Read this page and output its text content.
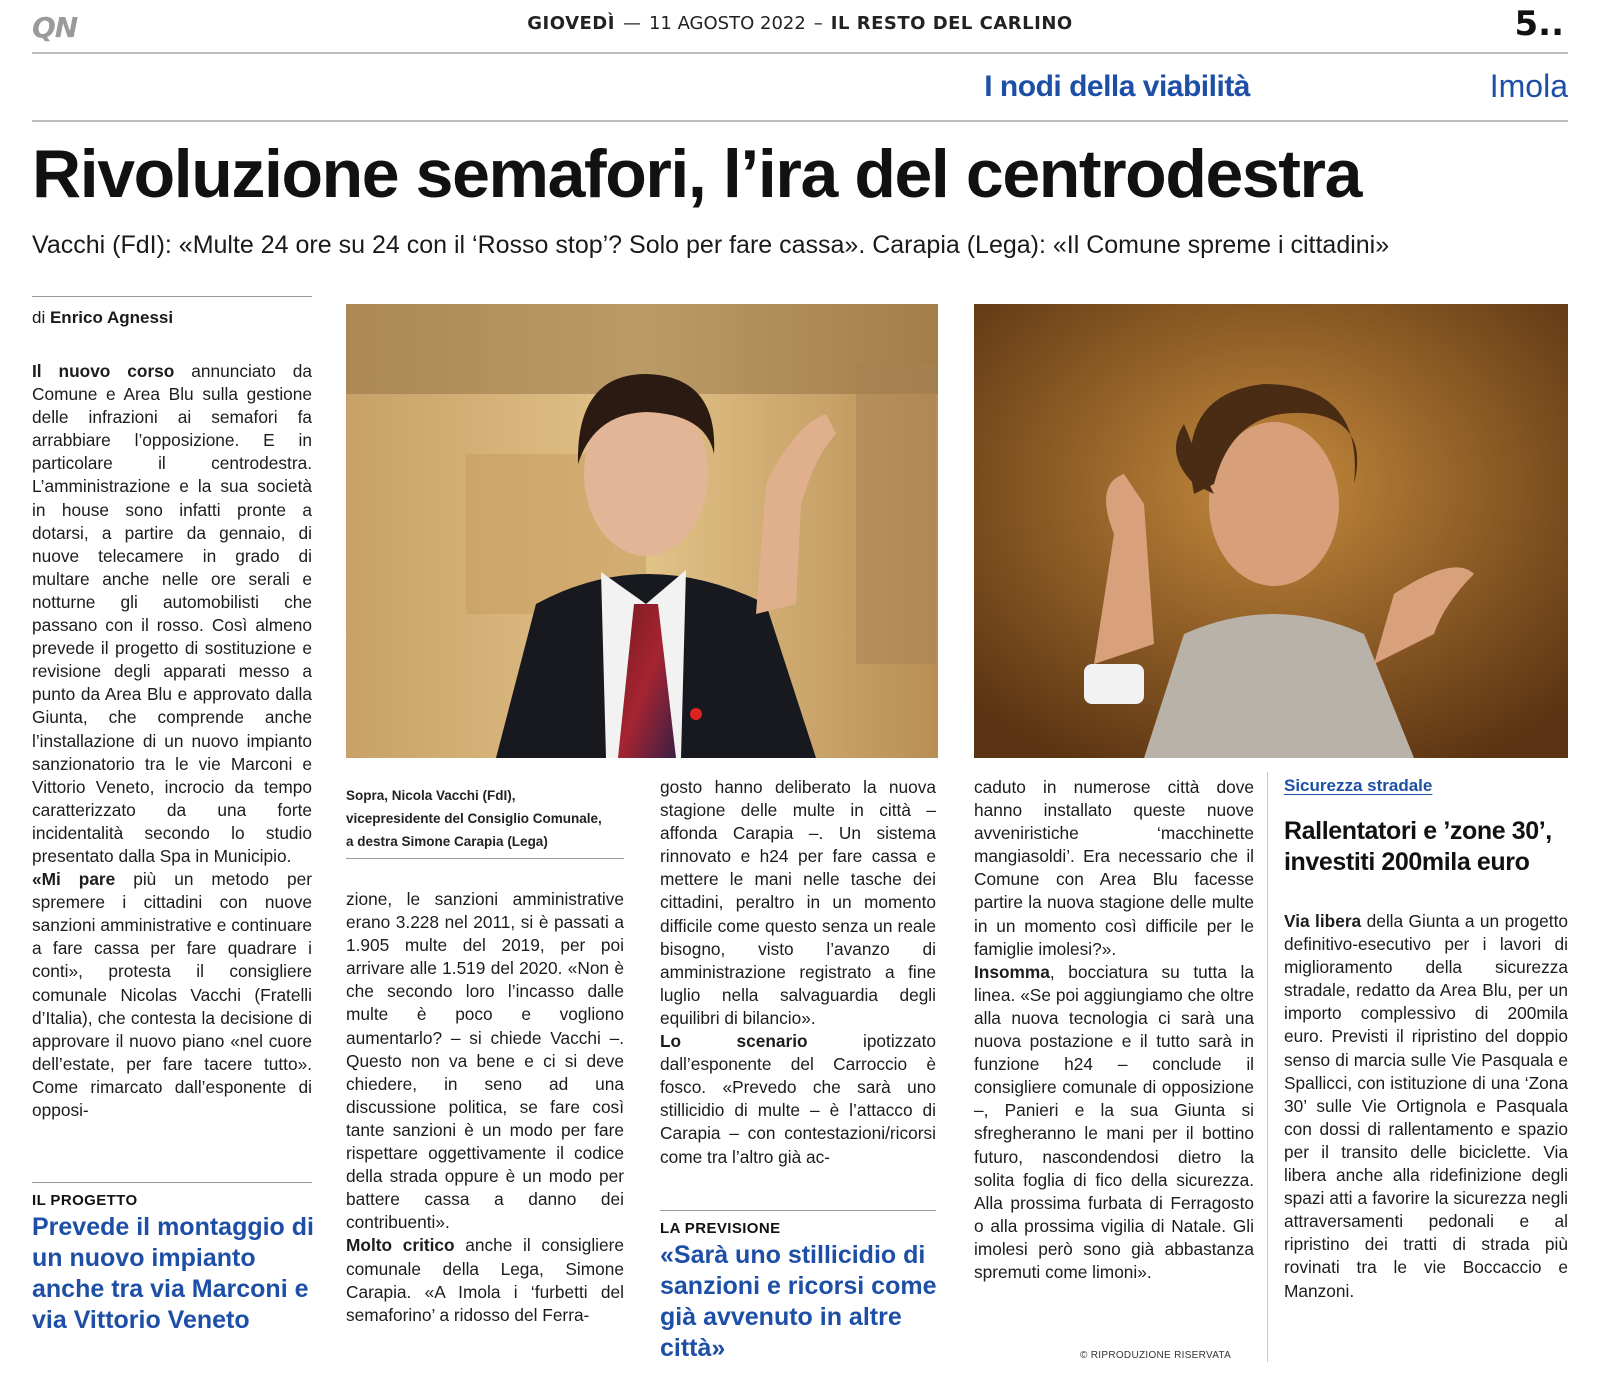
QN	GIOVEDÌ — 11 AGOSTO 2022 – IL RESTO DEL CARLINO	5..
I nodi della viabilità	Imola
Rivoluzione semafori, l’ira del centrodestra
Vacchi (FdI): «Multe 24 ore su 24 con il ‘Rosso stop’? Solo per fare cassa». Carapia (Lega): «Il Comune spreme i cittadini»
di Enrico Agnessi

Il nuovo corso annunciato da Comune e Area Blu sulla gestione delle infrazioni ai semafori fa arrabbiare l’opposizione. E in particolare il centrodestra. L’amministrazione e la sua società in house sono infatti pronte a dotarsi, a partire da gennaio, di nuove telecamere in grado di multare anche nelle ore serali e notturne gli automobilisti che passano con il rosso. Così almeno prevede il progetto di sostituzione e revisione degli apparati messo a punto da Area Blu e approvato dalla Giunta, che comprende anche l’installazione di un nuovo impianto sanzionatorio tra le vie Marconi e Vittorio Veneto, incrocio da tempo caratterizzato da una forte incidentalità secondo lo studio presentato dalla Spa in Municipio.

«Mi pare più un metodo per spremere i cittadini con nuove sanzioni amministrative e continuare a fare cassa per fare quadrare i conti», protesta il consigliere comunale Nicolas Vacchi (Fratelli d’Italia), che contesta la decisione di approvare il nuovo piano «nel cuore dell’estate, per fare tacere tutto». Come rimarcato dall’esponente di opposi-

IL PROGETTO
Prevede il montaggio di un nuovo impianto anche tra via Marconi e via Vittorio Veneto
Sopra, Nicola Vacchi (FdI),
vicepresidente del Consiglio Comunale,
a destra Simone Carapia (Lega)

zione, le sanzioni amministrative erano 3.228 nel 2011, si è passati a 1.905 multe del 2019, per poi arrivare alle 1.519 del 2020. «Non è che secondo loro l’incasso dalle multe è poco e vogliono aumentarlo? – si chiede Vacchi –. Questo non va bene e ci si deve chiedere, in seno ad una discussione politica, se fare così tante sanzioni è un modo per fare rispettare oggettivamente il codice della strada oppure è un modo per battere cassa a danno dei contribuenti».

Molto critico anche il consigliere comunale della Lega, Simone Carapia. «A Imola i ‘furbetti del semaforino’ a ridosso del Ferra-

gosto hanno deliberato la nuova stagione delle multe in città – affonda Carapia –. Un sistema rinnovato e h24 per fare cassa e mettere le mani nelle tasche dei cittadini, peraltro in un momento difficile come questo senza un reale bisogno, visto l’avanzo di amministrazione registrato a fine luglio nella salvaguardia degli equilibri di bilancio».

Lo scenario	ipotizzato dall’esponente del Carroccio è fosco. «Prevedo che sarà uno stillicidio di multe – è l’attacco di Carapia – con contestazioni/ricorsi come tra l’altro già ac-

LA PREVISIONE
«Sarà uno stillicidio di sanzioni e ricorsi come già avvenuto in altre città»

caduto in numerose città dove hanno installato queste nuove avveniristiche ‘macchinette mangiasoldi’. Era necessario che il Comune con Area Blu facesse partire la nuova stagione delle multe in un momento così difficile per le famiglie imolesi?».

Insomma, bocciatura su tutta la linea. «Se poi aggiungiamo che oltre alla nuova tecnologia ci sarà una nuova postazione e il tutto sarà in funzione h24 – conclude il consigliere comunale di opposizione –, Panieri e la sua Giunta si sfregheranno le mani per il bottino futuro, nascondendosi dietro la solita foglia di fico della sicurezza. Alla prossima furbata di Ferragosto o alla prossima vigilia di Natale. Gli imolesi però sono già abbastanza spremuti come limoni».

© RIPRODUZIONE RISERVATA
Sicurezza stradale
Rallentatori e ’zone 30’, investiti 200mila euro

Via libera della Giunta a un progetto definitivo-esecutivo per i lavori di miglioramento della sicurezza stradale, redatto da Area Blu, per un importo complessivo di 200mila euro. Previsti il ripristino del doppio senso di marcia sulle Vie Pasquala e Spallicci, con istituzione di una ‘Zona 30’ sulle Vie Ortignola e Pasquala con dossi di rallentamento e spazio per il transito delle biciclette. Via libera anche alla ridefinizione degli spazi atti a favorire la sicurezza negli attraversamenti pedonali e al ripristino dei tratti di strada più rovinati tra le vie Boccaccio e Manzoni.
